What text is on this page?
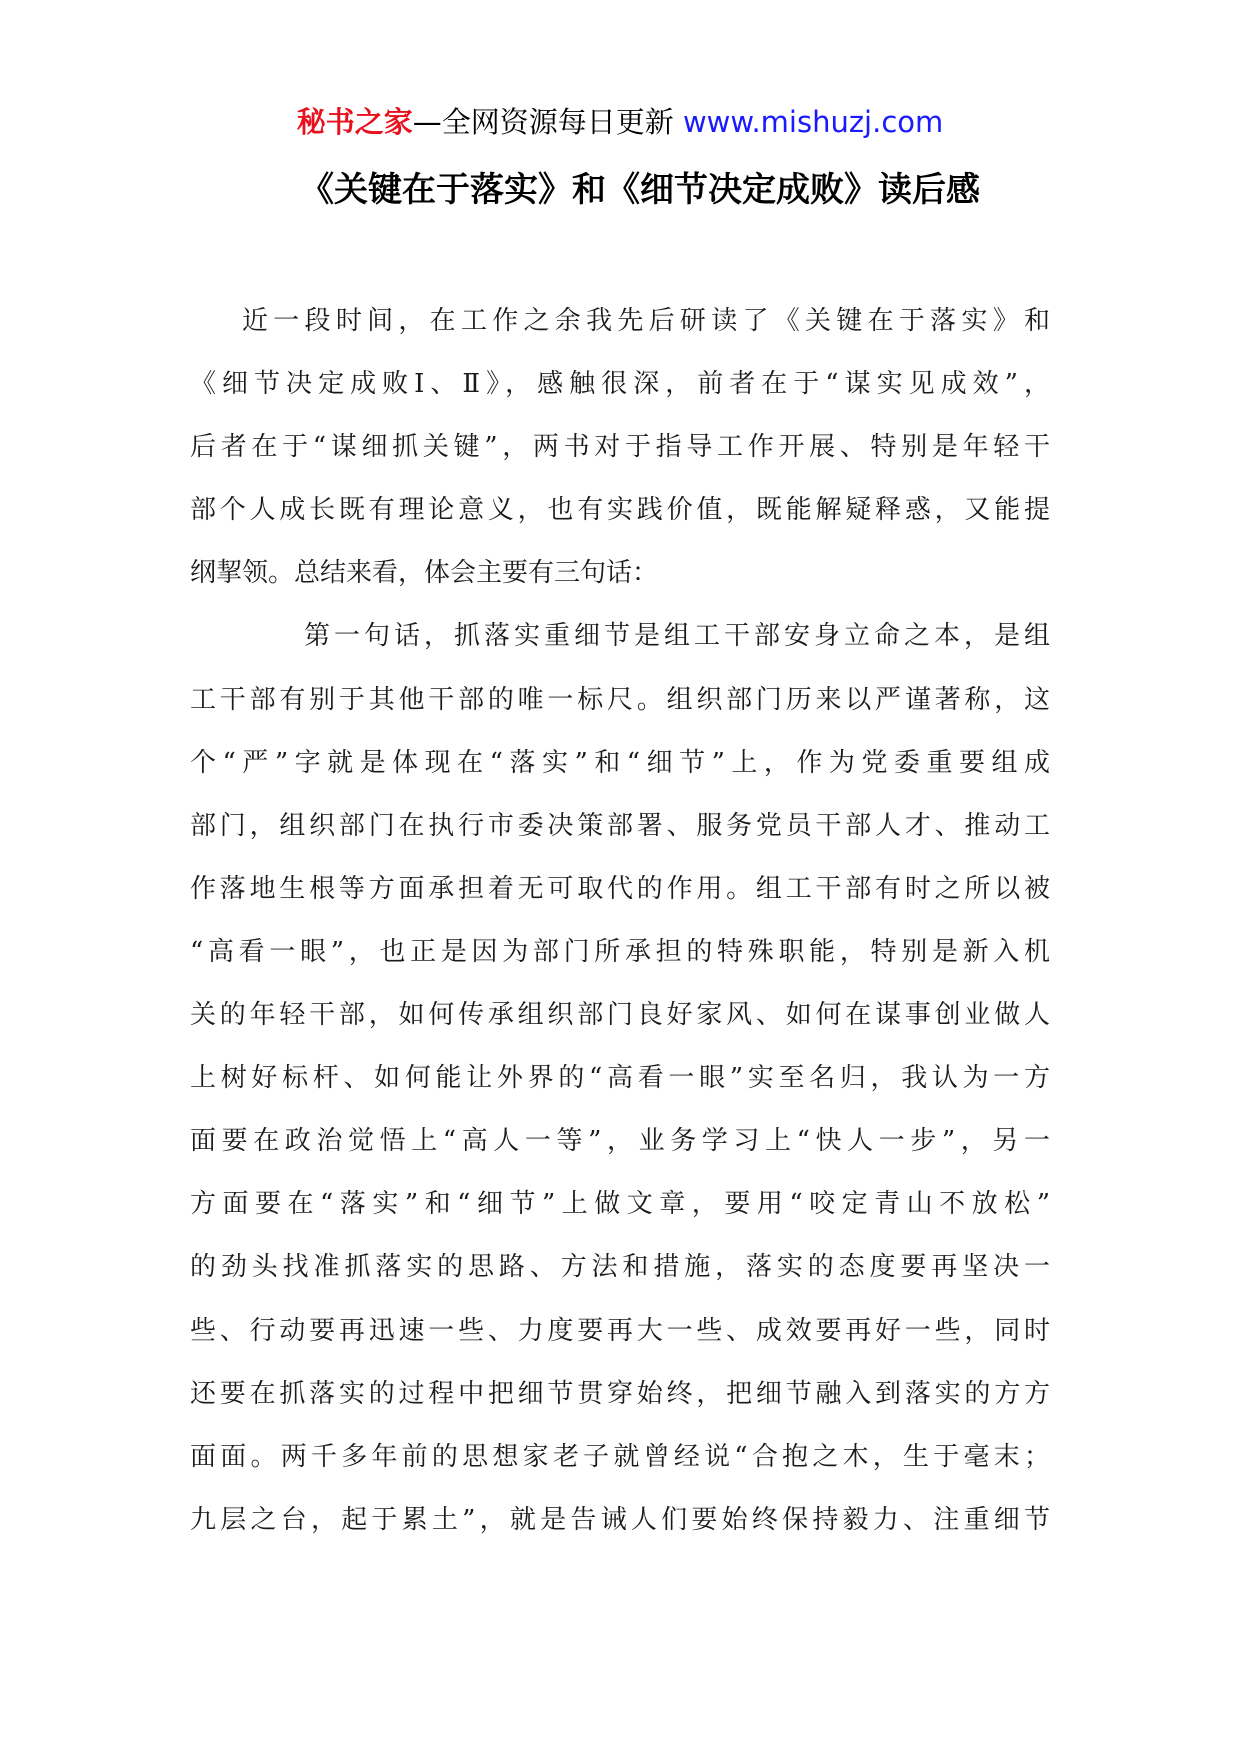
秘书之家—全网资源每日更新 www.mishuzj.com
《关键在于落实》和《细节决定成败》读后感
近一段时间，在工作之余我先后研读了《关键在于落实》和
《细节决定成败Ⅰ、Ⅱ》，感触很深，前者在于“谋实见成效”，
后者在于“谋细抓关键”，两书对于指导工作开展、特别是年轻干
部个人成长既有理论意义，也有实践价值，既能解疑释惑，又能提
纲挈领。总结来看，体会主要有三句话：
第一句话，抓落实重细节是组工干部安身立命之本，是组
工干部有别于其他干部的唯一标尺。组织部门历来以严谨著称，这
个“严”字就是体现在“落实”和“细节”上，作为党委重要组成
部门，组织部门在执行市委决策部署、服务党员干部人才、推动工
作落地生根等方面承担着无可取代的作用。组工干部有时之所以被
“高看一眼”，也正是因为部门所承担的特殊职能，特别是新入机
关的年轻干部，如何传承组织部门良好家风、如何在谋事创业做人
上树好标杆、如何能让外界的“高看一眼”实至名归，我认为一方
面要在政治觉悟上“高人一等”，业务学习上“快人一步”，另一
方面要在“落实”和“细节”上做文章，要用“咬定青山不放松”
的劲头找准抓落实的思路、方法和措施，落实的态度要再坚决一
些、行动要再迅速一些、力度要再大一些、成效要再好一些，同时
还要在抓落实的过程中把细节贯穿始终，把细节融入到落实的方方
面面。两千多年前的思想家老子就曾经说“合抱之木，生于毫末；
九层之台，起于累土”，就是告诫人们要始终保持毅力、注重细节
